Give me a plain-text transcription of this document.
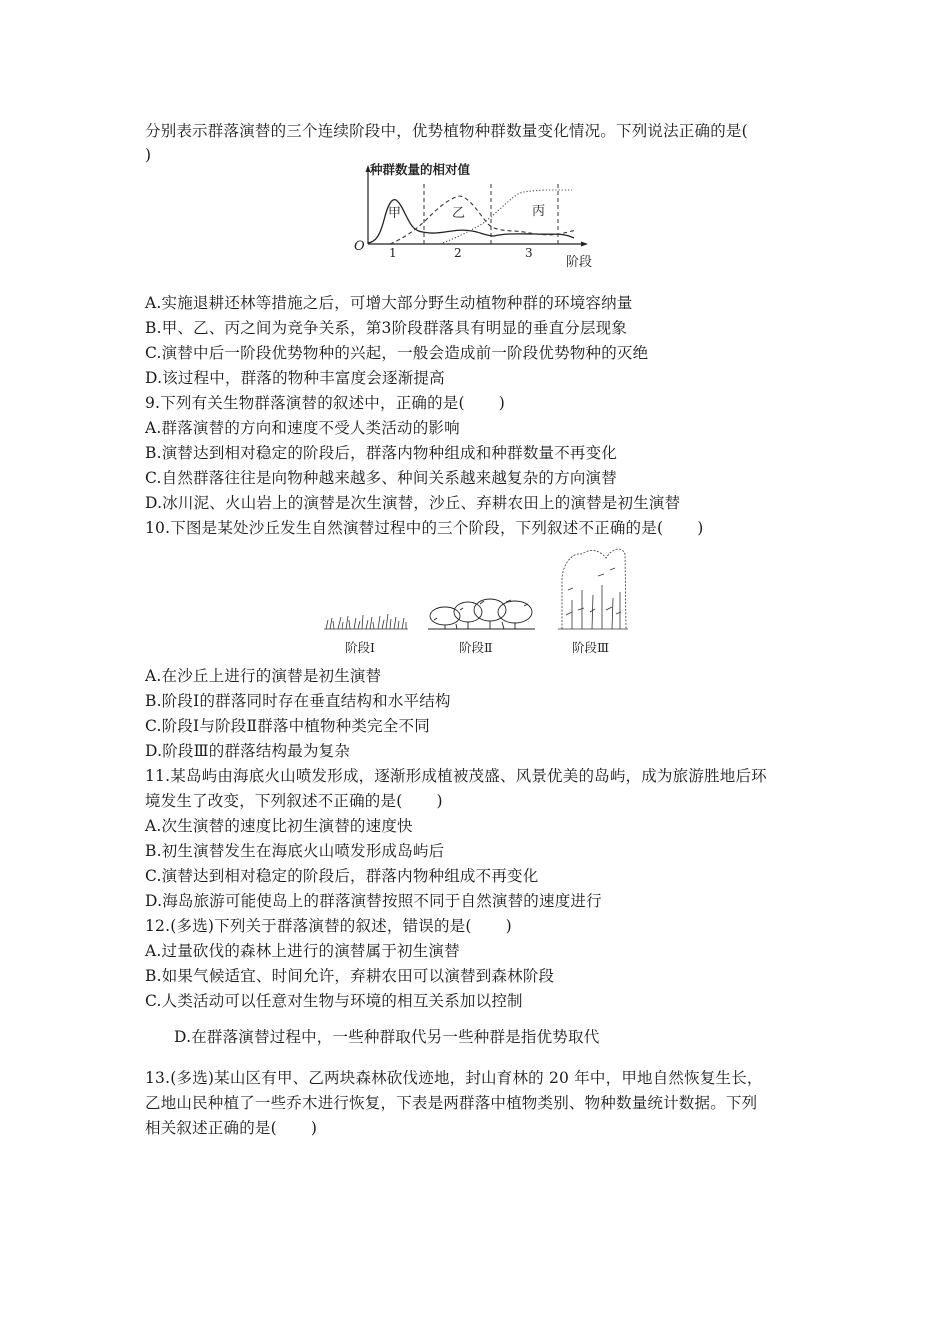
分别表示群落演替的三个连续阶段中，优势植物种群数量变化情况。下列说法正确的是(
)
种群数量的相对值
O 1	2	3
阶段
甲	乙	丙
A.实施退耕还林等措施之后，可增大部分野生动植物种群的环境容纳量
B.甲、乙、丙之间为竞争关系，第3阶段群落具有明显的垂直分层现象
C.演替中后一阶段优势物种的兴起，一般会造成前一阶段优势物种的灭绝
D.该过程中，群落的物种丰富度会逐渐提高
9.下列有关生物群落演替的叙述中，正确的是( )
A.群落演替的方向和速度不受人类活动的影响
B.演替达到相对稳定的阶段后，群落内物种组成和种群数量不再变化
C.自然群落往往是向物种越来越多、种间关系越来越复杂的方向演替
D.冰川泥、火山岩上的演替是次生演替，沙丘、弃耕农田上的演替是初生演替
10.下图是某处沙丘发生自然演替过程中的三个阶段，下列叙述不正确的是( )
阶段Ⅰ	阶段Ⅱ	阶段Ⅲ
A.在沙丘上进行的演替是初生演替
B.阶段Ⅰ的群落同时存在垂直结构和水平结构
C.阶段Ⅰ与阶段Ⅱ群落中植物种类完全不同
D.阶段Ⅲ的群落结构最为复杂
11.某岛屿由海底火山喷发形成，逐渐形成植被茂盛、风景优美的岛屿，成为旅游胜地后环
境发生了改变，下列叙述不正确的是( )
A.次生演替的速度比初生演替的速度快
B.初生演替发生在海底火山喷发形成岛屿后
C.演替达到相对稳定的阶段后，群落内物种组成不再变化
D.海岛旅游可能使岛上的群落演替按照不同于自然演替的速度进行
12.(多选)下列关于群落演替的叙述，错误的是( )
A.过量砍伐的森林上进行的演替属于初生演替
B.如果气候适宜、时间允许，弃耕农田可以演替到森林阶段
C.人类活动可以任意对生物与环境的相互关系加以控制
D.在群落演替过程中，一些种群取代另一些种群是指优势取代
13.(多选)某山区有甲、乙两块森林砍伐迹地，封山育林的 20 年中，甲地自然恢复生长，
乙地山民种植了一些乔木进行恢复，下表是两群落中植物类别、物种数量统计数据。下列
相关叙述正确的是( )
